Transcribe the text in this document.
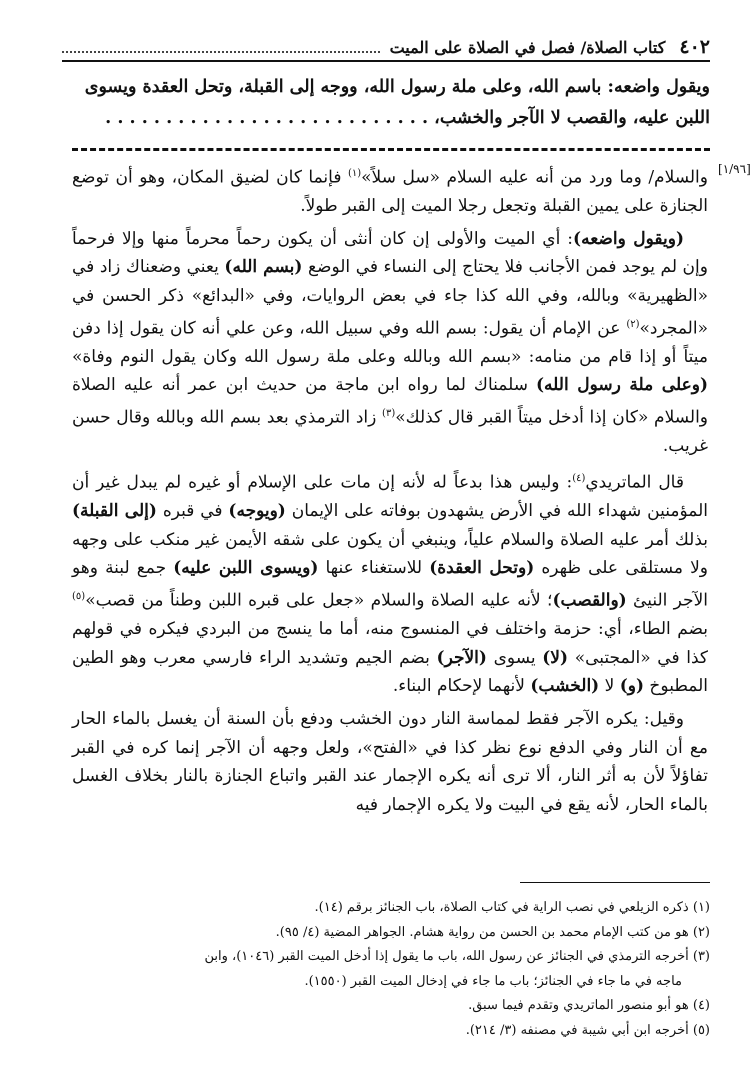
٤٠٢
كتاب الصلاة/ فصل في الصلاة على الميت
ويقول واضعه: باسم الله، وعلى ملة رسول الله، ووجه إلى القبلة، وتحل العقدة ويسوى
اللبن عليه، والقصب لا الآجر والخشب، . . . . . . . . . . . . . . . . . . . . . . . . . . .
[١/٩٦]

والسلام/ وما ورد من أنه عليه السلام «سل سلاً»$^{(١)}$ فإنما كان لضيق المكان، وهو أن توضع الجنازة على يمين القبلة وتجعل رجلا الميت إلى القبر طولاً.

(ويقول واضعه): أي الميت والأولى إن كان أنثى أن يكون رحماً محرماً منها وإلا فرحماً وإن لم يوجد فمن الأجانب فلا يحتاج إلى النساء في الوضع (بسم الله) يعني وضعناك زاد في «الظهيرية» وبالله، وفي الله كذا جاء في بعض الروايات، وفي «البدائع» ذكر الحسن في «المجرد»$^{(٢)}$ عن الإمام أن يقول: بسم الله وفي سبيل الله، وعن علي أنه كان يقول إذا دفن ميتاً أو إذا قام من منامه: «بسم الله وبالله وعلى ملة رسول الله وكان يقول النوم وفاة» (وعلى ملة رسول الله) سلمناك لما رواه ابن ماجة من حديث ابن عمر أنه عليه الصلاة والسلام «كان إذا أدخل ميتاً القبر قال كذلك»$^{(٣)}$ زاد الترمذي بعد بسم الله وبالله وقال حسن غريب.

قال الماتريدي$^{(٤)}$: وليس هذا بدعاً له لأنه إن مات على الإسلام أو غيره لم يبدل غير أن المؤمنين شهداء الله في الأرض يشهدون بوفاته على الإيمان (ويوجه) في قبره (إلى القبلة) بذلك أمر عليه الصلاة والسلام علياً، وينبغي أن يكون على شقه الأيمن غير منكب على وجهه ولا مستلقى على ظهره (وتحل العقدة) للاستغناء عنها (ويسوى اللبن عليه) جمع لبنة وهو الآجر النيئ (والقصب)؛ لأنه عليه الصلاة والسلام «جعل على قبره اللبن وطناً من قصب»$^{(٥)}$ بضم الطاء، أي: حزمة واختلف في المنسوج منه، أما ما ينسج من البردي فيكره في قولهم كذا في «المجتبى» (لا) يسوى (الآجر) بضم الجيم وتشديد الراء فارسي معرب وهو الطين المطبوخ (و) لا (الخشب) لأنهما لإحكام البناء.

وقيل: يكره الآجر فقط لمماسة النار دون الخشب ودفع بأن السنة أن يغسل بالماء الحار مع أن النار وفي الدفع نوع نظر كذا في «الفتح»، ولعل وجهه أن الآجر إنما كره في القبر تفاؤلاً لأن به أثر النار، ألا ترى أنه يكره الإجمار عند القبر واتباع الجنازة بالنار بخلاف الغسل بالماء الحار، لأنه يقع في البيت ولا يكره الإجمار فيه

(١) ذكره الزيلعي في نصب الراية في كتاب الصلاة، باب الجنائز برقم (١٤).

(٢) هو من كتب الإمام محمد بن الحسن من رواية هشام. الجواهر المضية (٤/ ٩٥).

(٣) أخرجه الترمذي في الجنائز عن رسول الله، باب ما يقول إذا أدخل الميت القبر (١٠٤٦)، وابن

ماجه في ما جاء في الجنائز؛ باب ما جاء في إدخال الميت القبر (١٥٥٠).

(٤) هو أبو منصور الماتريدي وتقدم فيما سبق.

(٥) أخرجه ابن أبي شيبة في مصنفه (٣/ ٢١٤).
